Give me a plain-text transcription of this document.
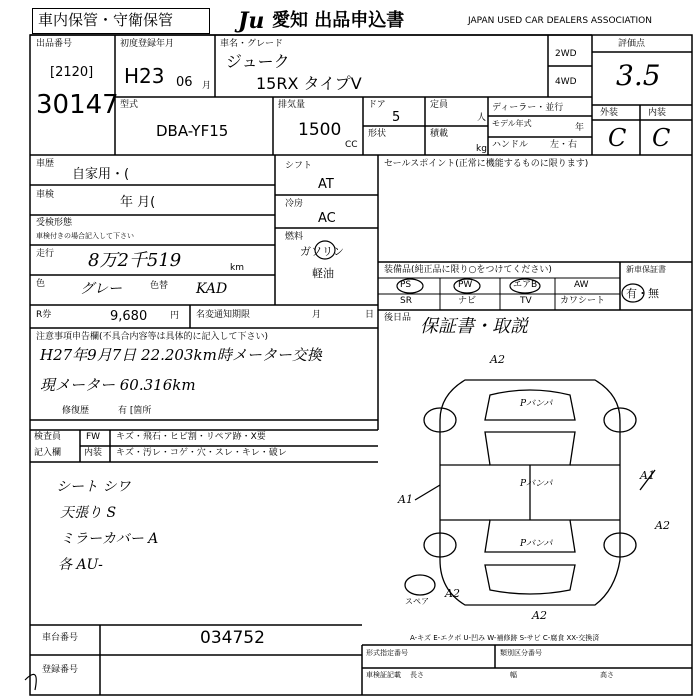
車内保管・守衛保管	Ju 愛知 出品申込書	JAPAN USED CAR DEALERS ASSOCIATION
出品番号
[2120]
30147
初度登録年月
H23 06 月
車名・グレード
ジューク
15RX タイプV
2WD
4WD
評価点
3.5
外装	内装
C C
型式
DBA-YF15
排気量
1500
CC
ドア
5
定員
人
形状	積載
kg
ディーラー・並行
モデル年式	年
ハンドル 左・右
車歴
自家用・(
車検	年 月(
受検形態
車検付きの場合記入して下さい
走行 8万2千519	km
色 グレー	色替 KAD
シフト
AT
冷房
AC
燃料
ガソリン
軽油
セールスポイント(正常に機能するものに限ります)
装備品(純正品に限り○をつけてください)
PS	PW	エアB	AW
SR	ナビ	TV	カワシート
新車保証書
有・無
R券	9,680	円 名変通知期限	月	日
注意事項申告欄(不具合内容等は具体的に記入して下さい)
H27年9月7日 22.203km時メーター交換
現メーター 60.316km
修復歴	有 [箇所
後日品 保証書・取説
検査員
記入欄
FW キズ・飛石・ヒビ割・リペア跡・X要
内装 キズ・汚レ・コゲ・穴・スレ・キレ・破レ
シート シワ
天張り S
ミラーカバー A
各 AU-
A2
A1
A1
A2
A2
A2
Pバンパ
Pバンパ
Pバンパ
スペア
A-キズ E-エクボ U-凹み W-補修跡 S-サビ C-腐食 XX-交換済
車台番号	034752
登録番号
形式指定番号	類別区分番号
車検証記載 長さ	幅	高さ
